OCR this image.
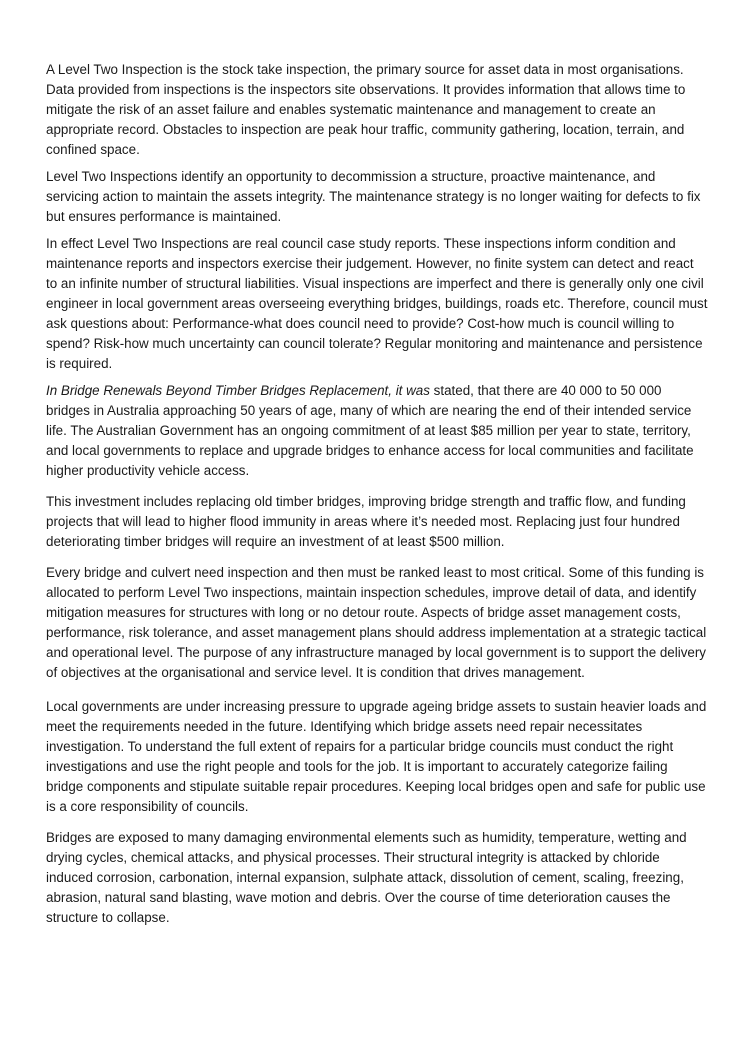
A Level Two Inspection is the stock take inspection, the primary source for asset data in most organisations. Data provided from inspections is the inspectors site observations. It provides information that allows time to mitigate the risk of an asset failure and enables systematic maintenance and management to create an appropriate record. Obstacles to inspection are peak hour traffic, community gathering, location, terrain, and confined space.

Level Two Inspections identify an opportunity to decommission a structure, proactive maintenance, and servicing action to maintain the assets integrity. The maintenance strategy is no longer waiting for defects to fix but ensures performance is maintained.

In effect Level Two Inspections are real council case study reports. These inspections inform condition and maintenance reports and inspectors exercise their judgement. However, no finite system can detect and react to an infinite number of structural liabilities. Visual inspections are imperfect and there is generally only one civil engineer in local government areas overseeing everything bridges, buildings, roads etc. Therefore, council must ask questions about: Performance-what does council need to provide? Cost-how much is council willing to spend? Risk-how much uncertainty can council tolerate? Regular monitoring and maintenance and persistence is required.

In Bridge Renewals Beyond Timber Bridges Replacement, it was stated, that there are 40 000 to 50 000 bridges in Australia approaching 50 years of age, many of which are nearing the end of their intended service life. The Australian Government has an ongoing commitment of at least $85 million per year to state, territory, and local governments to replace and upgrade bridges to enhance access for local communities and facilitate higher productivity vehicle access.

This investment includes replacing old timber bridges, improving bridge strength and traffic flow, and funding projects that will lead to higher flood immunity in areas where it’s needed most. Replacing just four hundred deteriorating timber bridges will require an investment of at least $500 million.

Every bridge and culvert need inspection and then must be ranked least to most critical. Some of this funding is allocated to perform Level Two inspections, maintain inspection schedules, improve detail of data, and identify mitigation measures for structures with long or no detour route. Aspects of bridge asset management costs, performance, risk tolerance, and asset management plans should address implementation at a strategic tactical and operational level. The purpose of any infrastructure managed by local government is to support the delivery of objectives at the organisational and service level. It is condition that drives management.

Local governments are under increasing pressure to upgrade ageing bridge assets to sustain heavier loads and meet the requirements needed in the future. Identifying which bridge assets need repair necessitates investigation. To understand the full extent of repairs for a particular bridge councils must conduct the right investigations and use the right people and tools for the job. It is important to accurately categorize failing bridge components and stipulate suitable repair procedures. Keeping local bridges open and safe for public use is a core responsibility of councils.

Bridges are exposed to many damaging environmental elements such as humidity, temperature, wetting and drying cycles, chemical attacks, and physical processes. Their structural integrity is attacked by chloride induced corrosion, carbonation, internal expansion, sulphate attack, dissolution of cement, scaling, freezing, abrasion, natural sand blasting, wave motion and debris. Over the course of time deterioration causes the structure to collapse.
